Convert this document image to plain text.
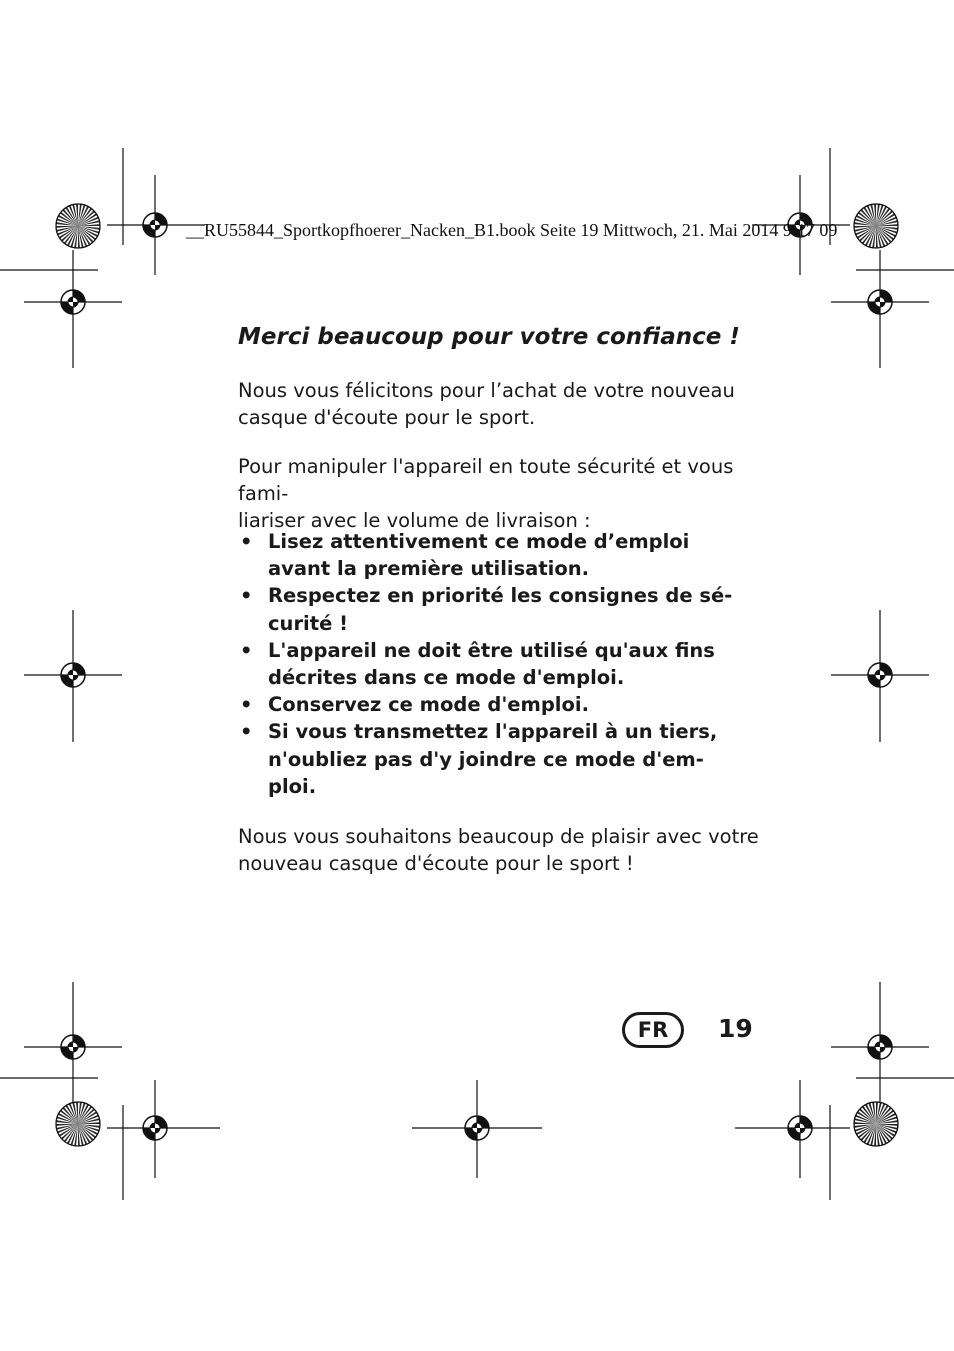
__RU55844_Sportkopfhoerer_Nacken_B1.book Seite 19 Mittwoch, 21. Mai 2014 9:17 09
Merci beaucoup pour votre confiance !
Nous vous félicitons pour l’achat de votre nouveau
casque d'écoute pour le sport.
Pour manipuler l'appareil en toute sécurité et vous fami-
liariser avec le volume de livraison :
• Lisez attentivement ce mode d’emploi
avant la première utilisation.
• Respectez en priorité les consignes de sé-
curité !
• L'appareil ne doit être utilisé qu'aux fins
décrites dans ce mode d'emploi.
• Conservez ce mode d'emploi.
• Si vous transmettez l'appareil à un tiers,
n'oubliez pas d'y joindre ce mode d'em-
ploi.
Nous vous souhaitons beaucoup de plaisir avec votre
nouveau casque d'écoute pour le sport !
FR	19
